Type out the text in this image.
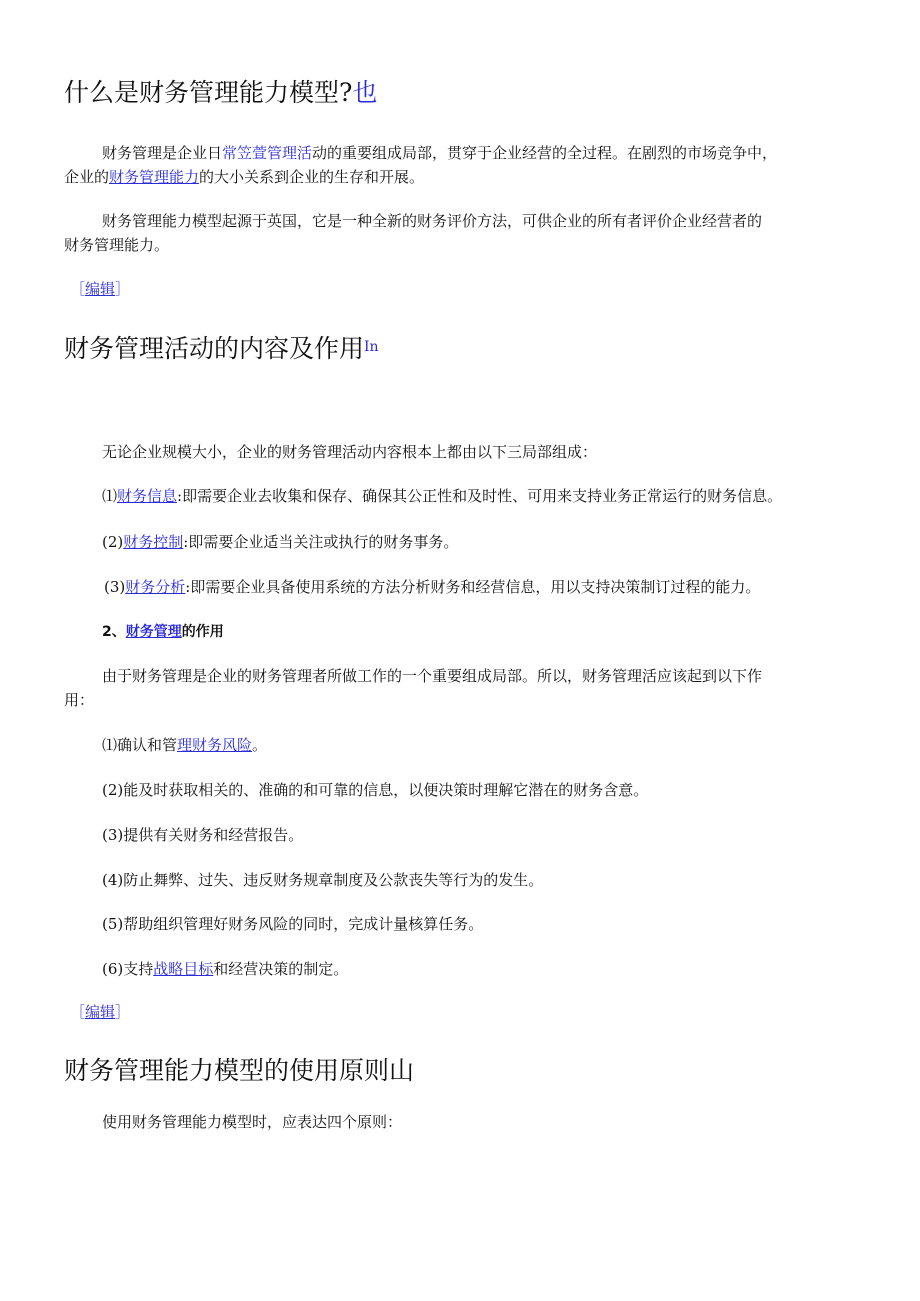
什么是财务管理能力模型?也
财务管理是企业日常笠萱管理活动的重要组成局部，贯穿于企业经营的全过程。在剧烈的市场竞争中，
企业的财务管理能力的大小关系到企业的生存和开展。
财务管理能力模型起源于英国，它是一种全新的财务评价方法，可供企业的所有者评价企业经营者的
财务管理能力。
［编辑］
财务管理活动的内容及作用$^{In}$
无论企业规模大小，企业的财务管理活动内容根本上都由以下三局部组成：
⑴财务信息:即需要企业去收集和保存、确保其公正性和及时性、可用来支持业务正常运行的财务信息。
(2)财务控制:即需要企业适当关注或执行的财务事务。
(3)财务分析:即需要企业具备使用系统的方法分析财务和经营信息，用以支持决策制订过程的能力。
2、财务管理的作用
由于财务管理是企业的财务管理者所做工作的一个重要组成局部。所以，财务管理活应该起到以下作
用：
⑴确认和管理财务风险。
(2)能及时获取相关的、准确的和可靠的信息，以便决策时理解它潜在的财务含意。
(3)提供有关财务和经营报告。
(4)防止舞弊、过失、违反财务规章制度及公款丧失等行为的发生。
(5)帮助组织管理好财务风险的同时，完成计量核算任务。
(6)支持战略目标和经营决策的制定。
［编辑］
财务管理能力模型的使用原则山
使用财务管理能力模型时，应表达四个原则：
